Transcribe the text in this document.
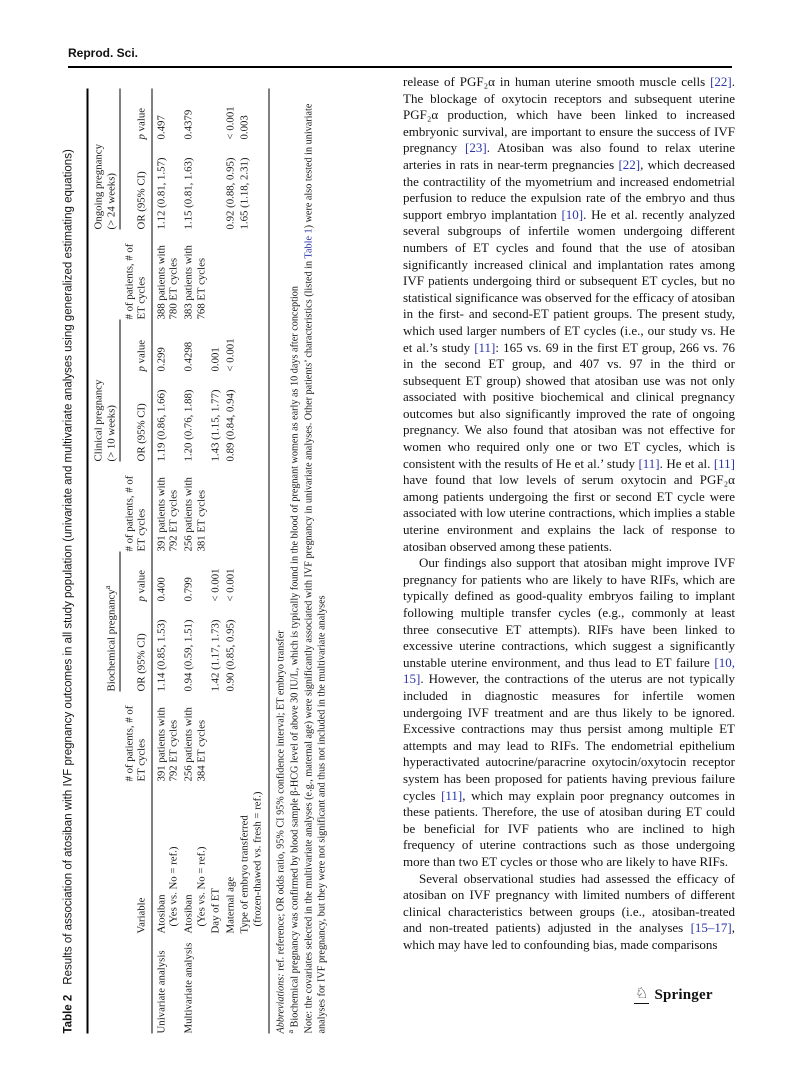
Reprod. Sci.

Table 2Results of association of atosiban with IVF pregnancy outcomes in all study population (univariate and multivariate analyses using generalized estimating equations)

				Biochemical pregnancy$^a$			Clinical pregnancy
(> 10 weeks)			Ongoing pregnancy
(> 24 weeks)	
	Variable	# of patients, # of ET cycles	OR (95% CI)	p value	# of patients, # of ET cycles	OR (95% CI)	p value	# of patients, # of ET cycles	OR (95% CI)	p value
Univariate analysis	Atosiban (Yes vs. No = ref.)	391 patients with 792 ET cycles	1.14 (0.85, 1.53)	0.400	391 patients with 792 ET cycles	1.19 (0.86, 1.66)	0.299	388 patients with 780 ET cycles	1.12 (0.81, 1.57)	0.497
Multivariate analysis	Atosiban (Yes vs. No = ref.)	256 patients with 384 ET cycles	0.94 (0.59, 1.51)	0.799	256 patients with 381 ET cycles	1.20 (0.76, 1.88)	0.4298	383 patients with 768 ET cycles	1.15 (0.81, 1.63)	0.4379

	Day of ET		1.42 (1.17, 1.73)	< 0.001		1.43 (1.15, 1.77)	0.001			

	Maternal age		0.90 (0.85, 0.95)	< 0.001		0.89 (0.84, 0.94)	< 0.001		0.92 (0.88, 0.95)	< 0.001

	Type of embryo transferred (frozen-thawed vs. fresh = ref.)								1.65 (1.18, 2.31)	0.003

Abbreviations: ref. reference; OR odds ratio, 95% CI 95% confidence interval; ET embryo transfer

$^a$ Biochemical pregnancy was confirmed by blood sample β-HCG level of above 30 IU/L, which is typically found in the blood of pregnant women as early as 10 days after conception Note: the covariates selected in the multivariate analyses (e.g., maternal age) were significantly associated with IVF pregnancy in univariate analyses. Other patients’ characteristics (listed in Table 1) were also tested in univariate analyses for IVF pregnancy, but they were not significant and thus not included in the multivariate analyses

release of PGF₂α in human uterine smooth muscle cells [22]. The blockage of oxytocin receptors and subsequent uterine PGF₂α production, which have been linked to increased embryonic survival, are important to ensure the success of IVF pregnancy [23]. Atosiban was also found to relax uterine arteries in rats in near-term pregnancies [22], which decreased the contractility of the myometrium and increased endometrial perfusion to reduce the expulsion rate of the embryo and thus support embryo implantation [10]. He et al. recently analyzed several subgroups of infertile women undergoing different numbers of ET cycles and found that the use of atosiban significantly increased clinical and implantation rates among IVF patients undergoing third or subsequent ET cycles, but no statistical significance was observed for the efficacy of atosiban in the first- and second-ET patient groups. The present study, which used larger numbers of ET cycles (i.e., our study vs. He et al.’s study [11]: 165 vs. 69 in the first ET group, 266 vs. 76 in the second ET group, and 407 vs. 97 in the third or subsequent ET group) showed that atosiban use was not only associated with positive biochemical and clinical pregnancy outcomes but also significantly improved the rate of ongoing pregnancy. We also found that atosiban was not effective for women who required only one or two ET cycles, which is consistent with the results of He et al.’ study [11]. He et al. [11] have found that low levels of serum oxytocin and PGF₂α among patients undergoing the first or second ET cycle were associated with low uterine contractions, which implies a stable uterine environment and explains the lack of response to atosiban observed among these patients.

Our findings also support that atosiban might improve IVF pregnancy for patients who are likely to have RIFs, which are typically defined as good-quality embryos failing to implant following multiple transfer cycles (e.g., commonly at least three consecutive ET attempts). RIFs have been linked to excessive uterine contractions, which suggest a significantly unstable uterine environment, and thus lead to ET failure [10, 15]. However, the contractions of the uterus are not typically included in diagnostic measures for infertile women undergoing IVF treatment and are thus likely to be ignored. Excessive contractions may thus persist among multiple ET attempts and may lead to RIFs. The endometrial epithelium hyperactivated autocrine/paracrine oxytocin/oxytocin receptor system has been proposed for patients having previous failure cycles [11], which may explain poor pregnancy outcomes in these patients. Therefore, the use of atosiban during ET could be beneficial for IVF patients who are inclined to high frequency of uterine contractions such as those undergoing more than two ET cycles or those who are likely to have RIFs.

Several observational studies had assessed the efficacy of atosiban on IVF pregnancy with limited numbers of different clinical characteristics between groups (i.e., atosiban-treated and non-treated patients) adjusted in the analyses [15–17], which may have led to confounding bias, made comparisons

♘ Springer
